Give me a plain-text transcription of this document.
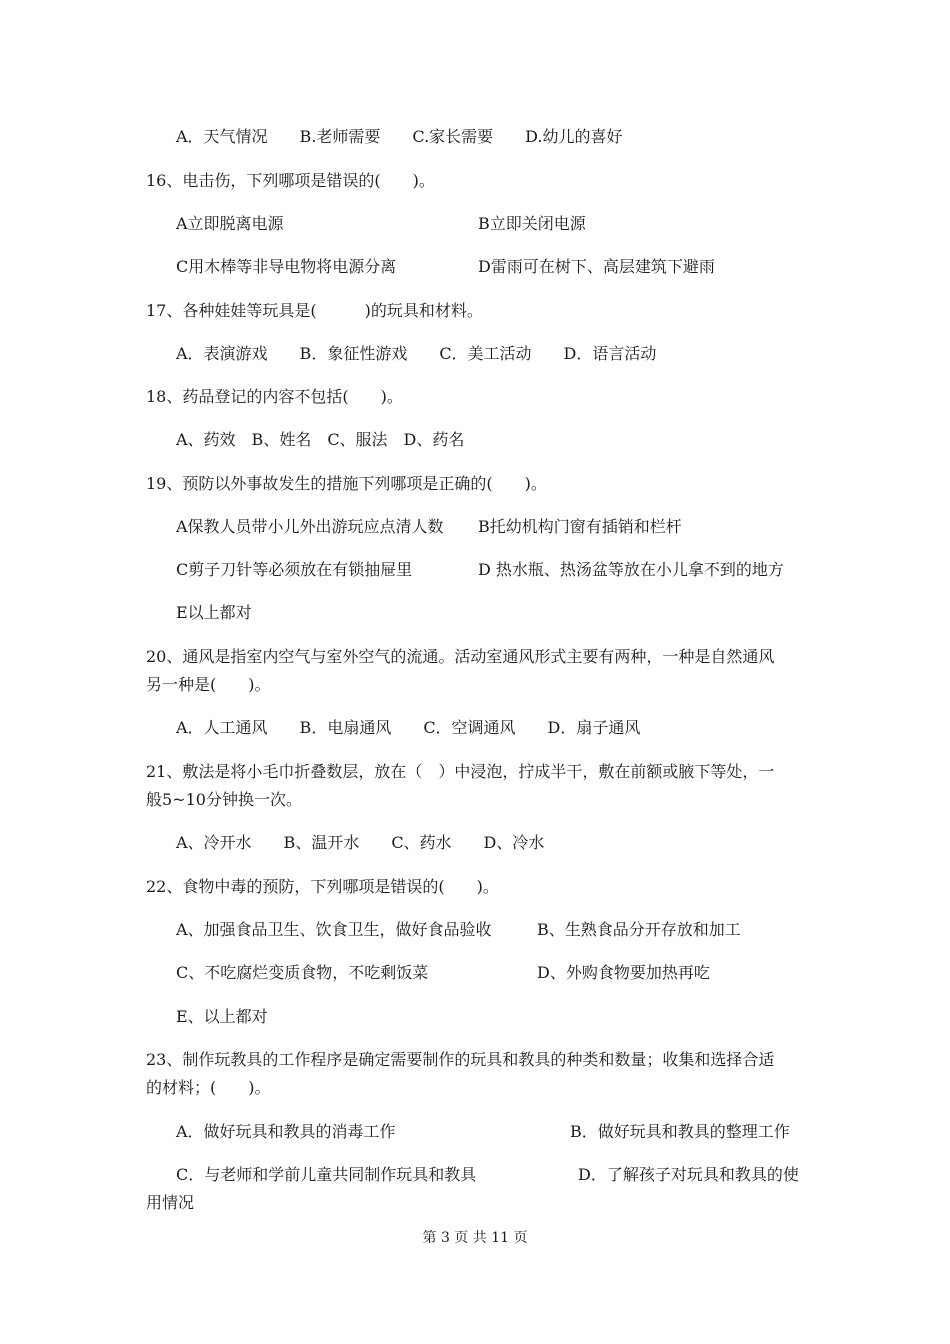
A．天气情况　　B.老师需要　　C.家长需要　　D.幼儿的喜好
16、电击伤，下列哪项是错误的(　　)。
A立即脱离电源	B立即关闭电源
C用木棒等非导电物将电源分离	D雷雨可在树下、高层建筑下避雨
17、各种娃娃等玩具是(　　　)的玩具和材料。
A．表演游戏　　B．象征性游戏　　C．美工活动　　D．语言活动
18、药品登记的内容不包括(　　)。
A、药效　B、姓名　C、服法　D、药名
19、预防以外事故发生的措施下列哪项是正确的(　　)。
A保教人员带小儿外出游玩应点清人数 B托幼机构门窗有插销和栏杆
C剪子刀针等必须放在有锁抽屉里	D 热水瓶、热汤盆等放在小儿拿不到的地方
E以上都对
20、通风是指室内空气与室外空气的流通。活动室通风形式主要有两种，一种是自然通风
另一种是(　　)。
A．人工通风　　B．电扇通风　　C．空调通风　　D．扇子通风
21、敷法是将小毛巾折叠数层，放在（　）中浸泡，拧成半干，敷在前额或腋下等处，一
般5~10分钟换一次。
A、冷开水　　B、温开水　　C、药水　　D、冷水
22、食物中毒的预防，下列哪项是错误的(　　)。
A、加强食品卫生、饮食卫生，做好食品验收	B、生熟食品分开存放和加工
C、不吃腐烂变质食物，不吃剩饭菜	D、外购食物要加热再吃
E、以上都对
23、制作玩教具的工作程序是确定需要制作的玩具和教具的种类和数量；收集和选择合适
的材料；(　　)。
A．做好玩具和教具的消毒工作	B．做好玩具和教具的整理工作
C．与老师和学前儿童共同制作玩具和教具	D．了解孩子对玩具和教具的使
用情况
第 3 页 共 11 页
